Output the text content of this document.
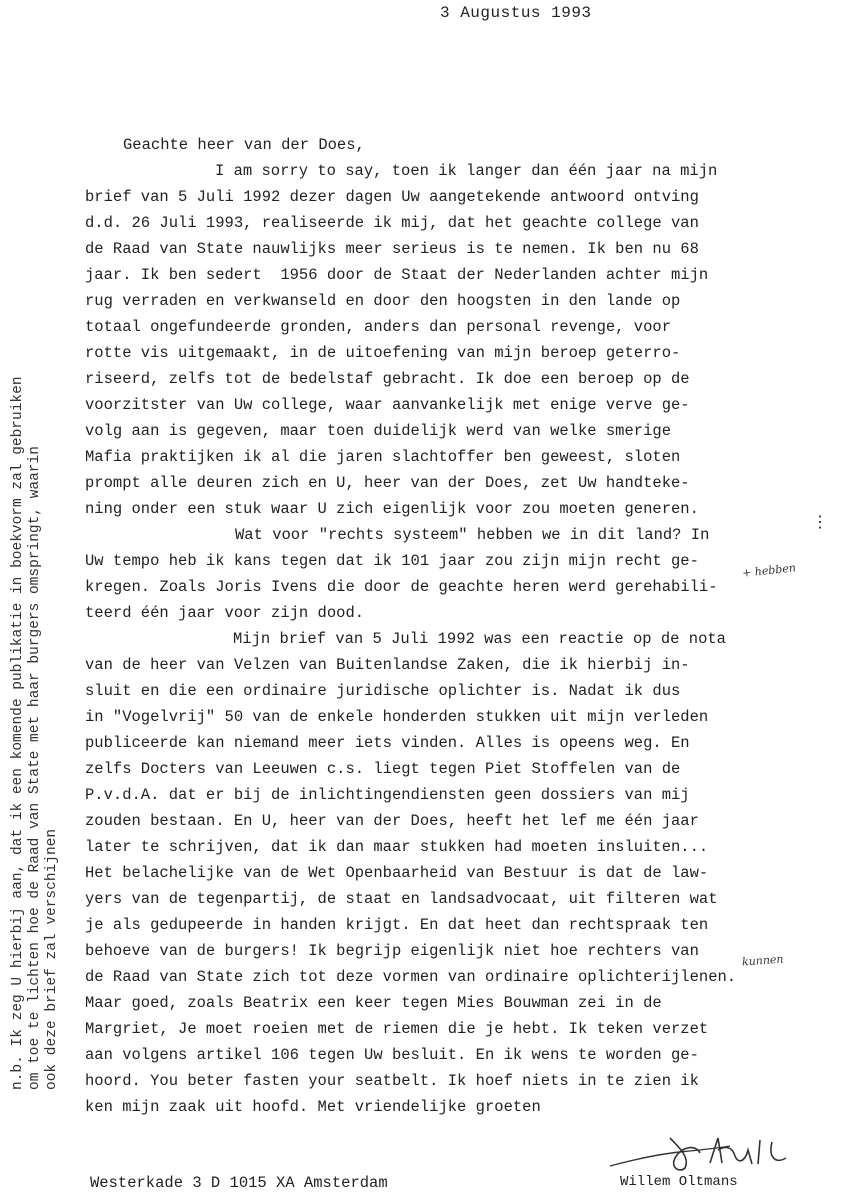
3 Augustus 1993
n.b. Ik zeg U hierbij aan, dat ik een komende publikatie in boekvorm zal gebruiken om toe te lichten hoe de Raad van State met haar burgers omspringt, waarin ook deze brief zal verschijnen
Geachte heer van der Does,
I am sorry to say, toen ik langer dan één jaar na mijn
brief van 5 Juli 1992 dezer dagen Uw aangetekende antwoord ontving
d.d. 26 Juli 1993, realiseerde ik mij, dat het geachte college van
de Raad van State nauwlijks meer serieus is te nemen. Ik ben nu 68
jaar. Ik ben sedert  1956 door de Staat der Nederlanden achter mijn
rug verraden en verkwanseld en door den hoogsten in den lande op
totaal ongefundeerde gronden, anders dan personal revenge, voor
rotte vis uitgemaakt, in de uitoefening van mijn beroep geterro-
riseerd, zelfs tot de bedelstaf gebracht. Ik doe een beroep op de
voorzitster van Uw college, waar aanvankelijk met enige verve ge-
volg aan is gegeven, maar toen duidelijk werd van welke smerige
Mafia praktijken ik al die jaren slachtoffer ben geweest, sloten
prompt alle deuren zich en U, heer van der Does, zet Uw handteke-
ning onder een stuk waar U zich eigenlijk voor zou moeten generen.
Wat voor "rechts systeem" hebben we in dit land? In
Uw tempo heb ik kans tegen dat ik 101 jaar zou zijn mijn recht ge-
kregen. Zoals Joris Ivens die door de geachte heren werd gerehabili-
teerd één jaar voor zijn dood.
Mijn brief van 5 Juli 1992 was een reactie op de nota
van de heer van Velzen van Buitenlandse Zaken, die ik hierbij in-
sluit en die een ordinaire juridische oplichter is. Nadat ik dus
in "Vogelvrij" 50 van de enkele honderden stukken uit mijn verleden
publiceerde kan niemand meer iets vinden. Alles is opeens weg. En
zelfs Docters van Leeuwen c.s. liegt tegen Piet Stoffelen van de
P.v.d.A. dat er bij de inlichtingendiensten geen dossiers van mij
zouden bestaan. En U, heer van der Does, heeft het lef me één jaar
later te schrijven, dat ik dan maar stukken had moeten insluiten...
Het belachelijke van de Wet Openbaarheid van Bestuur is dat de law-
yers van de tegenpartij, de staat en landsadvocaat, uit filteren wat
je als gedupeerde in handen krijgt. En dat heet dan rechtspraak ten
behoeve van de burgers! Ik begrijp eigenlijk niet hoe rechters van
de Raad van State zich tot deze vormen van ordinaire oplichterijlenen.
Maar goed, zoals Beatrix een keer tegen Mies Bouwman zei in de
Margriet, Je moet roeien met de riemen die je hebt. Ik teken verzet
aan volgens artikel 106 tegen Uw besluit. En ik wens te worden ge-
hoord. You beter fasten your seatbelt. Ik hoef niets in te zien ik
ken mijn zaak uit hoofd. Met vriendelijke groeten
⋮
+ hebben
kunnen
Westerkade 3 D 1015 XA Amsterdam	Willem Oltmans
